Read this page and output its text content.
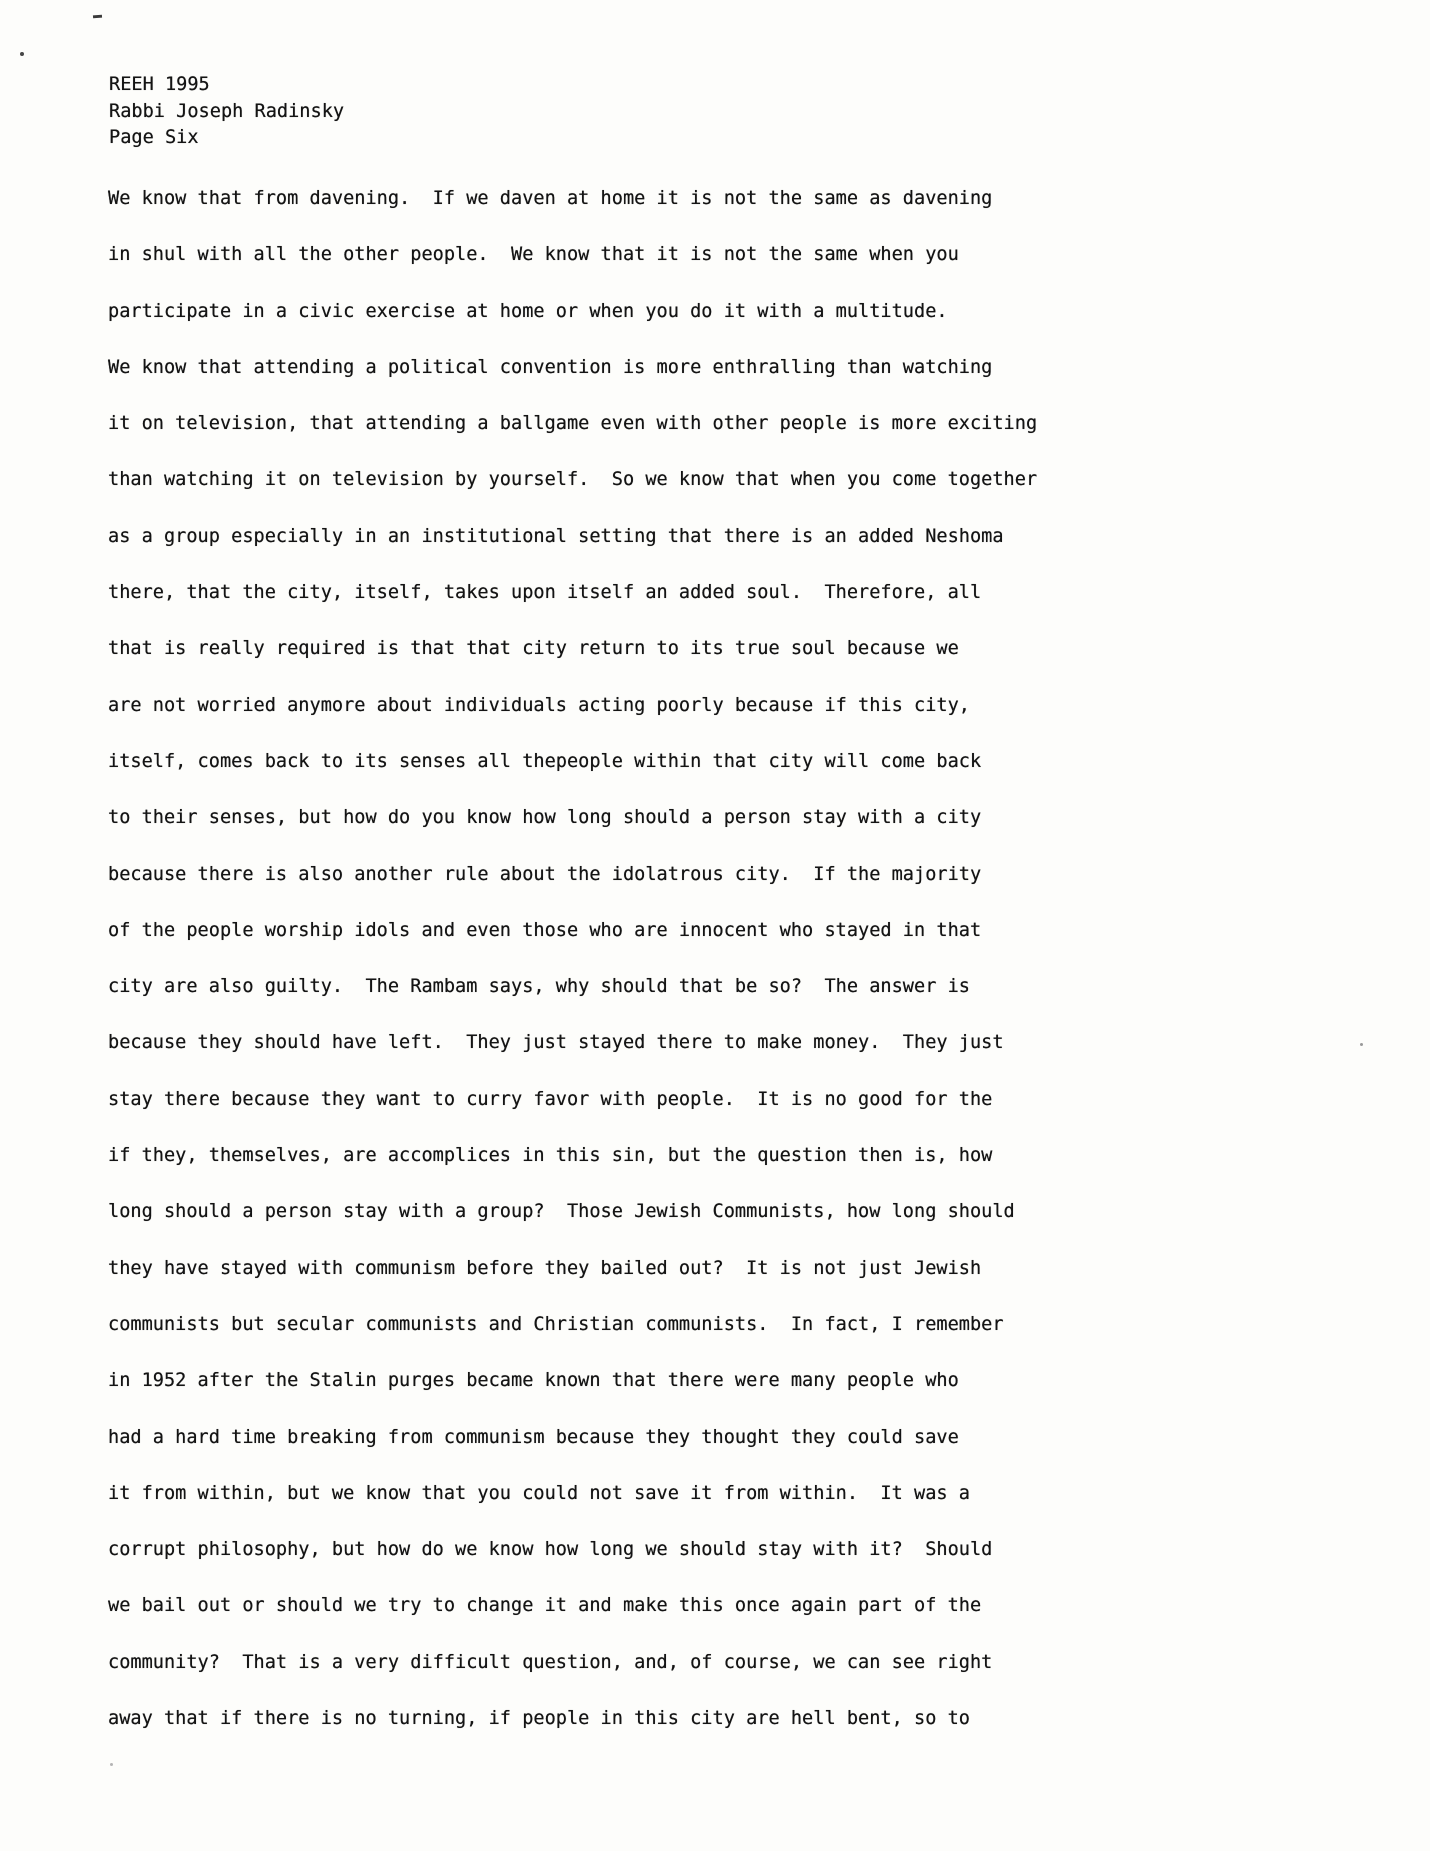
REEH 1995
Rabbi Joseph Radinsky
Page Six
We know that from davening.  If we daven at home it is not the same as davening
in shul with all the other people.  We know that it is not the same when you
participate in a civic exercise at home or when you do it with a multitude.
We know that attending a political convention is more enthralling than watching
it on television, that attending a ballgame even with other people is more exciting
than watching it on television by yourself.  So we know that when you come together
as a group especially in an institutional setting that there is an added Neshoma
there, that the city, itself, takes upon itself an added soul.  Therefore, all
that is really required is that that city return to its true soul because we
are not worried anymore about individuals acting poorly because if this city,
itself, comes back to its senses all thepeople within that city will come back
to their senses, but how do you know how long should a person stay with a city
because there is also another rule about the idolatrous city.  If the majority
of the people worship idols and even those who are innocent who stayed in that
city are also guilty.  The Rambam says, why should that be so?  The answer is
because they should have left.  They just stayed there to make money.  They just
stay there because they want to curry favor with people.  It is no good for the
if they, themselves, are accomplices in this sin, but the question then is, how
long should a person stay with a group?  Those Jewish Communists, how long should
they have stayed with communism before they bailed out?  It is not just Jewish
communists but secular communists and Christian communists.  In fact, I remember
in 1952 after the Stalin purges became known that there were many people who
had a hard time breaking from communism because they thought they could save
it from within, but we know that you could not save it from within.  It was a
corrupt philosophy, but how do we know how long we should stay with it?  Should
we bail out or should we try to change it and make this once again part of the
community?  That is a very difficult question, and, of course, we can see right
away that if there is no turning, if people in this city are hell bent, so to
